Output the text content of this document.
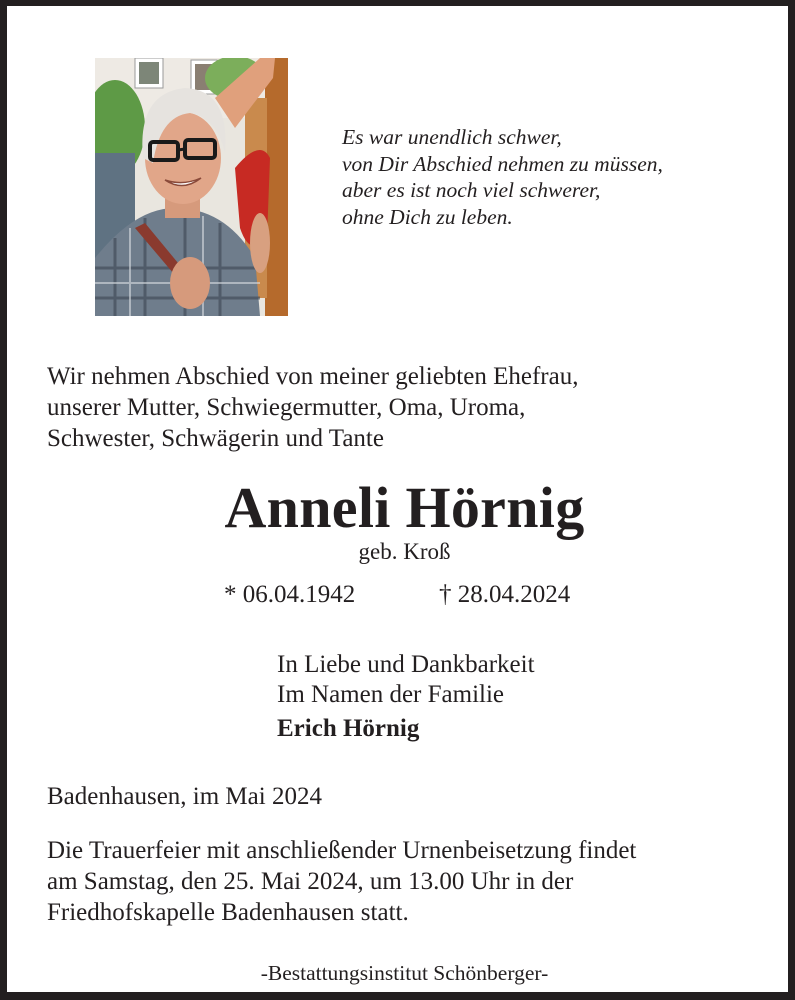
Es war unendlich schwer,
von Dir Abschied nehmen zu müssen,
aber es ist noch viel schwerer,
ohne Dich zu leben.
Wir nehmen Abschied von meiner geliebten Ehefrau,
unserer Mutter, Schwiegermutter, Oma, Uroma,
Schwester, Schwägerin und Tante
Anneli Hörnig
geb. Kroß
* 06.04.1942	† 28.04.2024
In Liebe und Dankbarkeit
Im Namen der Familie
Erich Hörnig
Badenhausen, im Mai 2024
Die Trauerfeier mit anschließender Urnenbeisetzung findet
am Samstag, den 25. Mai 2024, um 13.00 Uhr in der
Friedhofskapelle Badenhausen statt.
-Bestattungsinstitut Schönberger-
